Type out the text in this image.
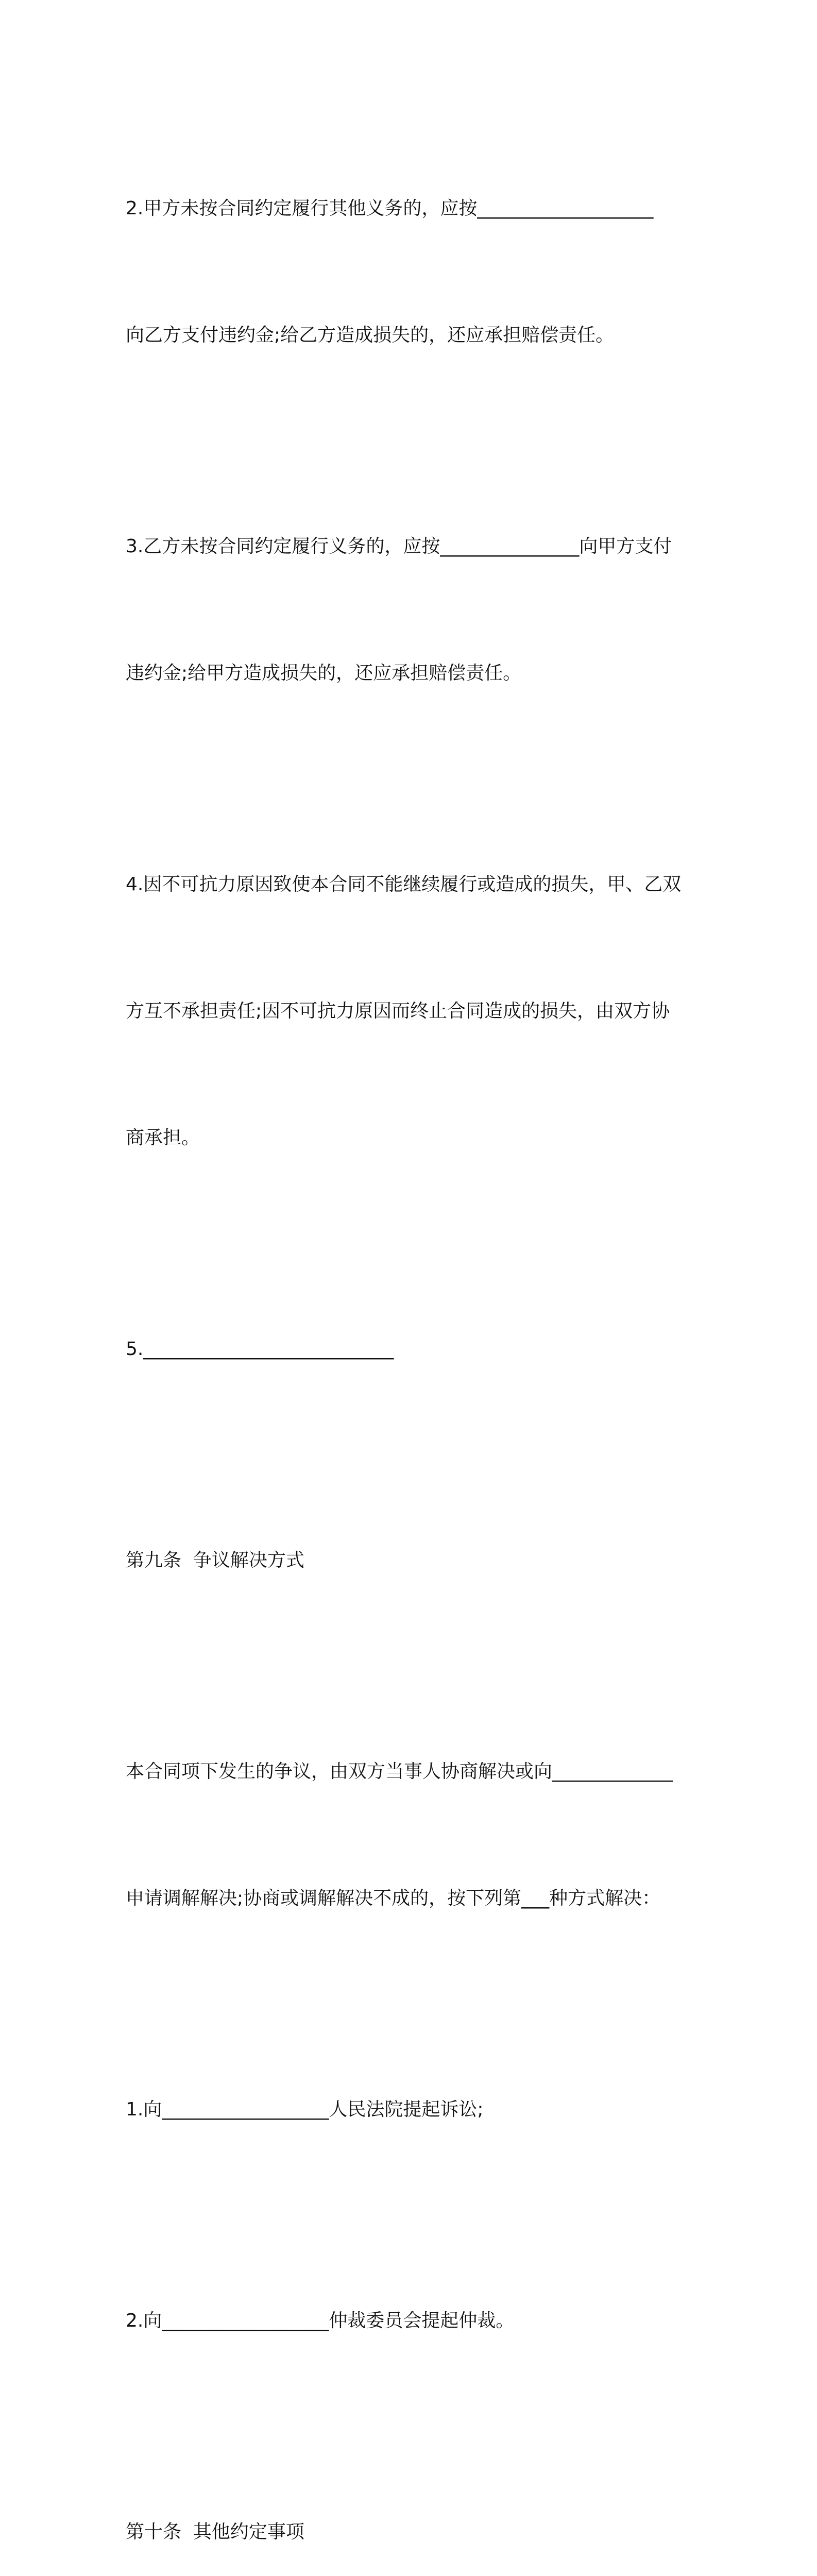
2.甲方未按合同约定履行其他义务的，应按___________________

向乙方支付违约金;给乙方造成损失的，还应承担赔偿责任。

3.乙方未按合同约定履行义务的，应按_______________向甲方支付

违约金;给甲方造成损失的，还应承担赔偿责任。

4.因不可抗力原因致使本合同不能继续履行或造成的损失，甲、乙双

方互不承担责任;因不可抗力原因而终止合同造成的损失，由双方协

商承担。

5.___________________________

第九条  争议解决方式

本合同项下发生的争议，由双方当事人协商解决或向_____________

申请调解解决;协商或调解解决不成的，按下列第___种方式解决：

1.向__________________人民法院提起诉讼;

2.向__________________仲裁委员会提起仲裁。

第十条  其他约定事项
